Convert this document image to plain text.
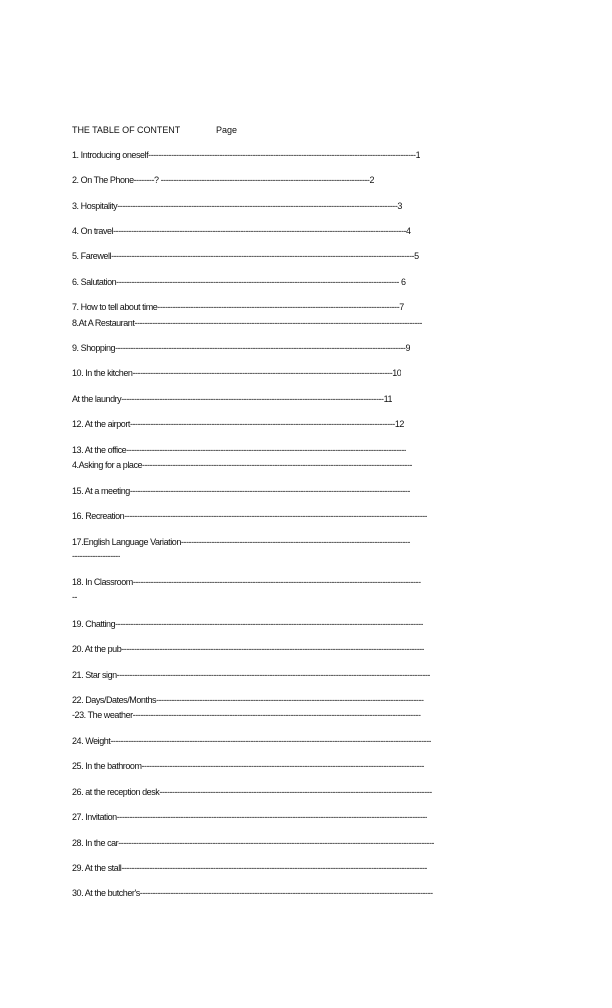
THE TABLE OF CONTENT	Page
1. Introducing oneself---------------------------------------------------------------------------------------------------------1
2. On The Phone--------? ----------------------------------------------------------------------------------2
3. Hospitality--------------------------------------------------------------------------------------------------------------3
4. On travel-------------------------------------------------------------------------------------------------------------------4
5. Farewell-----------------------------------------------------------------------------------------------------------------------5
6. Salutation--------------------------------------------------------------------------------------------------------------- 6
7. How to tell about time-----------------------------------------------------------------------------------------------7
8.At A Restaurant-----------------------------------------------------------------------------------------------------------------
9. Shopping------------------------------------------------------------------------------------------------------------------9
10. In the kitchen------------------------------------------------------------------------------------------------------10
At the laundry-------------------------------------------------------------------------------------------------------11
12. At the airport--------------------------------------------------------------------------------------------------------12
13. At the office--------------------------------------------------------------------------------------------------------------
4.Asking for a place----------------------------------------------------------------------------------------------------------
15. At a meeting--------------------------------------------------------------------------------------------------------------
16. Recreation-----------------------------------------------------------------------------------------------------------------------
17.English Language Variation------------------------------------------------------------------------------------------
-------------------
18. In Classroom-----------------------------------------------------------------------------------------------------------------
--
19. Chatting-------------------------------------------------------------------------------------------------------------------------
20. At the pub-----------------------------------------------------------------------------------------------------------------------
21. Star sign---------------------------------------------------------------------------------------------------------------------------
22. Days/Dates/Months---------------------------------------------------------------------------------------------------------
-23. The weather-----------------------------------------------------------------------------------------------------------------
24. Weight------------------------------------------------------------------------------------------------------------------------------
25. In the bathroom---------------------------------------------------------------------------------------------------------------
26. at the reception desk-----------------------------------------------------------------------------------------------------------
27. Invitation--------------------------------------------------------------------------------------------------------------------------
28. In the car----------------------------------------------------------------------------------------------------------------------------
29. At the stall------------------------------------------------------------------------------------------------------------------------
30. At the butcher's-------------------------------------------------------------------------------------------------------------------
